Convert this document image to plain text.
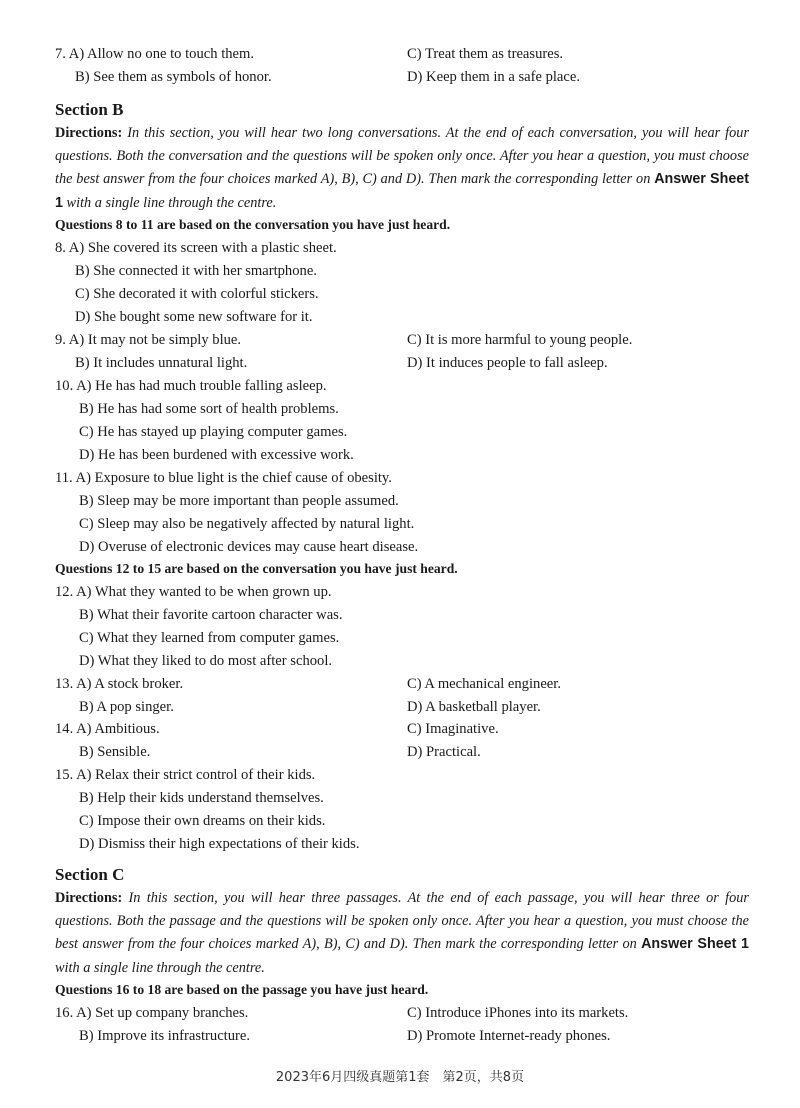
7. A) Allow no one to touch them.	C) Treat them as treasures.
B) See them as symbols of honor.	D) Keep them in a safe place.
Section B
Directions: In this section, you will hear two long conversations. At the end of each conversation, you will hear four questions. Both the conversation and the questions will be spoken only once. After you hear a question, you must choose the best answer from the four choices marked A), B), C) and D). Then mark the corresponding letter on Answer Sheet 1 with a single line through the centre.
Questions 8 to 11 are based on the conversation you have just heard.
8. A) She covered its screen with a plastic sheet.
B) She connected it with her smartphone.
C) She decorated it with colorful stickers.
D) She bought some new software for it.
9. A) It may not be simply blue.	C) It is more harmful to young people.
B) It includes unnatural light.	D) It induces people to fall asleep.
10. A) He has had much trouble falling asleep.
B) He has had some sort of health problems.
C) He has stayed up playing computer games.
D) He has been burdened with excessive work.
11. A) Exposure to blue light is the chief cause of obesity.
B) Sleep may be more important than people assumed.
C) Sleep may also be negatively affected by natural light.
D) Overuse of electronic devices may cause heart disease.
Questions 12 to 15 are based on the conversation you have just heard.
12. A) What they wanted to be when grown up.
B) What their favorite cartoon character was.
C) What they learned from computer games.
D) What they liked to do most after school.
13. A) A stock broker.	C) A mechanical engineer.
B) A pop singer.	D) A basketball player.
14. A) Ambitious.	C) Imaginative.
B) Sensible.	D) Practical.
15. A) Relax their strict control of their kids.
B) Help their kids understand themselves.
C) Impose their own dreams on their kids.
D) Dismiss their high expectations of their kids.
Section C
Directions: In this section, you will hear three passages. At the end of each passage, you will hear three or four questions. Both the passage and the questions will be spoken only once. After you hear a question, you must choose the best answer from the four choices marked A), B), C) and D). Then mark the corresponding letter on Answer Sheet 1 with a single line through the centre.
Questions 16 to 18 are based on the passage you have just heard.
16. A) Set up company branches.	C) Introduce iPhones into its markets.
B) Improve its infrastructure.	D) Promote Internet-ready phones.
2023年6月四级真题第1套　第2页，共8页
